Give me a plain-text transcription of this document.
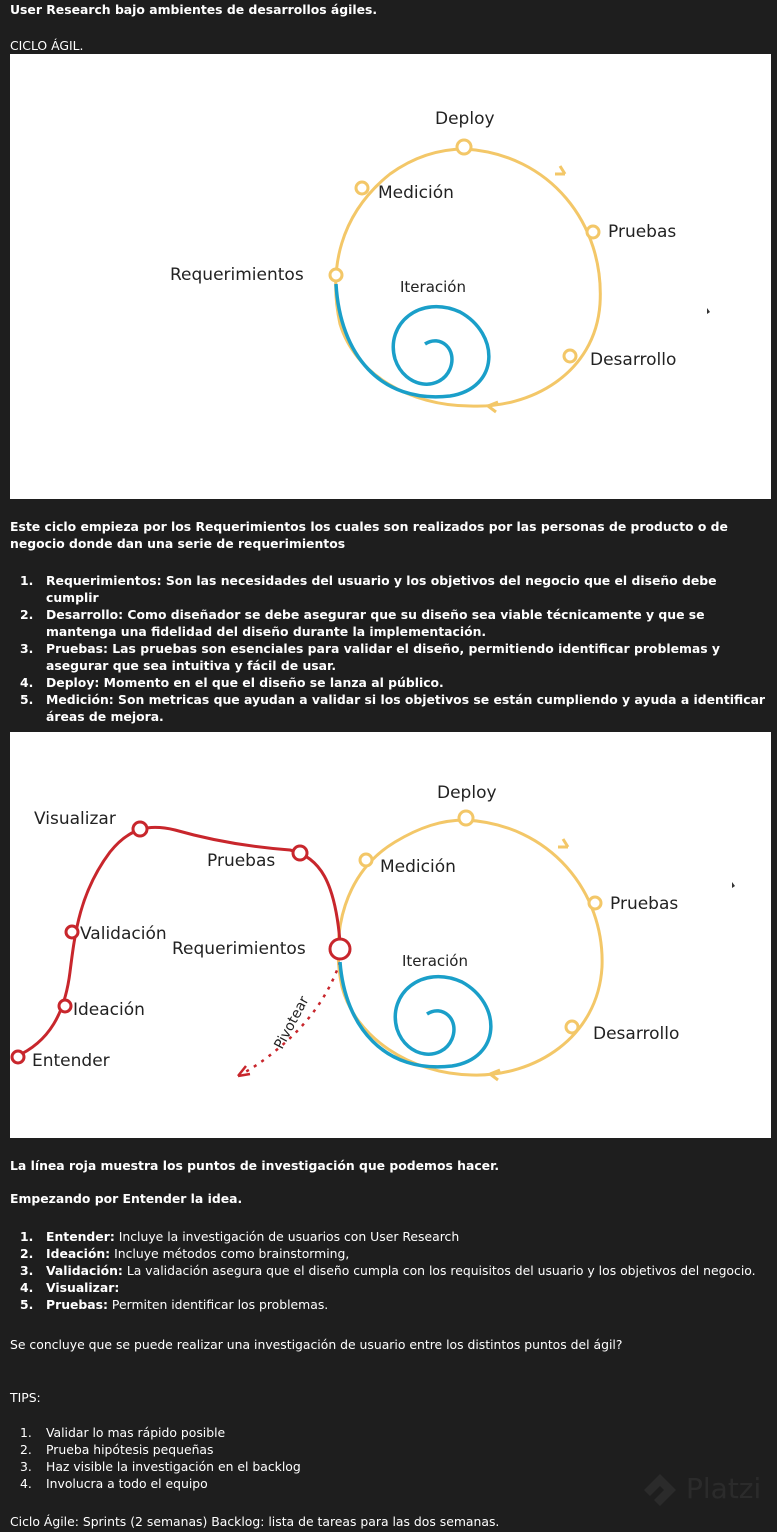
User Research bajo ambientes de desarrollos ágiles.
CICLO ÁGIL.
Deploy
Medición
Pruebas
Requerimientos
Iteración
Desarrollo
Este ciclo empieza por los Requerimientos los cuales son realizados por las personas de producto o de negocio donde dan una serie de requerimientos
1.	Requerimientos: Son las necesidades del usuario y los objetivos del negocio que el diseño debe cumplir
2.	Desarrollo: Como diseñador se debe asegurar que su diseño sea viable técnicamente y que se mantenga una fidelidad del diseño durante la implementación.
3.	Pruebas: Las pruebas son esenciales para validar el diseño, permitiendo identificar problemas y asegurar que sea intuitiva y fácil de usar.
4.	Deploy: Momento en el que el diseño se lanza al público.
5.	Medición: Son metricas que ayudan a validar si los objetivos se están cumpliendo y ayuda a identificar áreas de mejora.
Deploy
Medición
Pruebas
Requerimientos
Iteración
Desarrollo
Visualizar
Pruebas
Validación
Ideación
Entender
Pivotear
La línea roja muestra los puntos de investigación que podemos hacer.
Empezando por Entender la idea.
1.	Entender: Incluye la investigación de usuarios con User Research
2.	Ideación: Incluye métodos como brainstorming,
3.	Validación: La validación asegura que el diseño cumpla con los requisitos del usuario y los objetivos del negocio.
4.	Visualizar:
5.	Pruebas: Permiten identificar los problemas.
Se concluye que se puede realizar una investigación de usuario entre los distintos puntos del ágil?
TIPS:
1.	Validar lo mas rápido posible
2.	Prueba hipótesis pequeñas
3.	Haz visible la investigación en el backlog
4.	Involucra a todo el equipo	Platzi
Ciclo Ágile: Sprints (2 semanas) Backlog: lista de tareas para las dos semanas.
